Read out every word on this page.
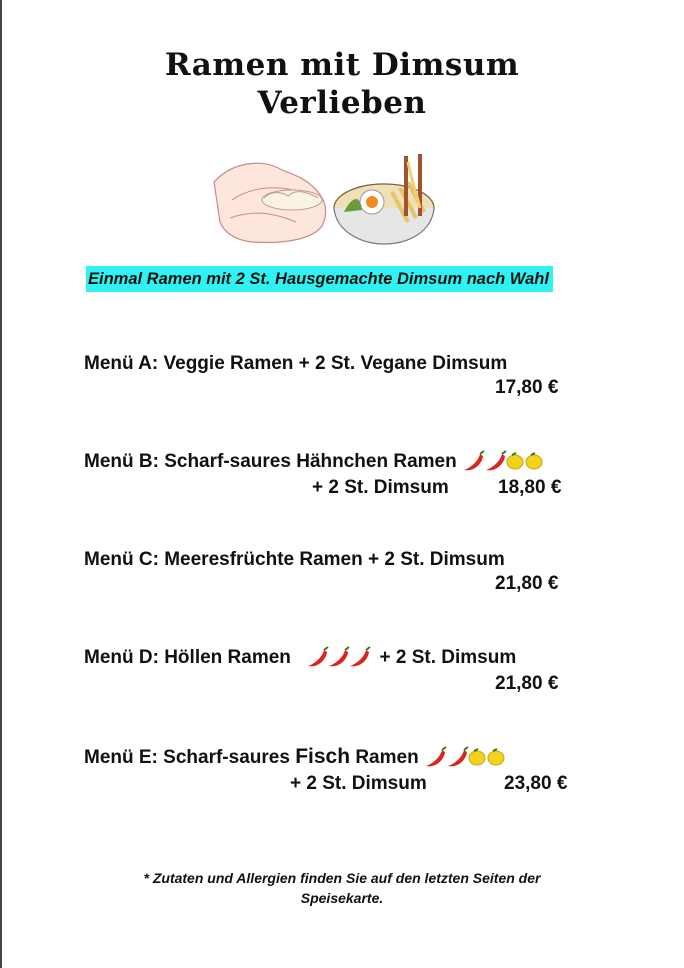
Ramen mit Dimsum
Verlieben
Einmal Ramen mit 2 St. Hausgemachte Dimsum nach Wahl
Menü A: Veggie Ramen + 2 St. Vegane Dimsum
17,80 €
Menü B: Scharf-saures Hähnchen Ramen
+ 2 St. Dimsum	18,80 €
Menü C: Meeresfrüchte Ramen + 2 St. Dimsum
21,80 €
Menü D: Höllen Ramen	+ 2 St. Dimsum
21,80 €
Menü E: Scharf-saures Fisch Ramen
+ 2 St. Dimsum	23,80 €
* Zutaten und Allergien finden Sie auf den letzten Seiten der
Speisekarte.
